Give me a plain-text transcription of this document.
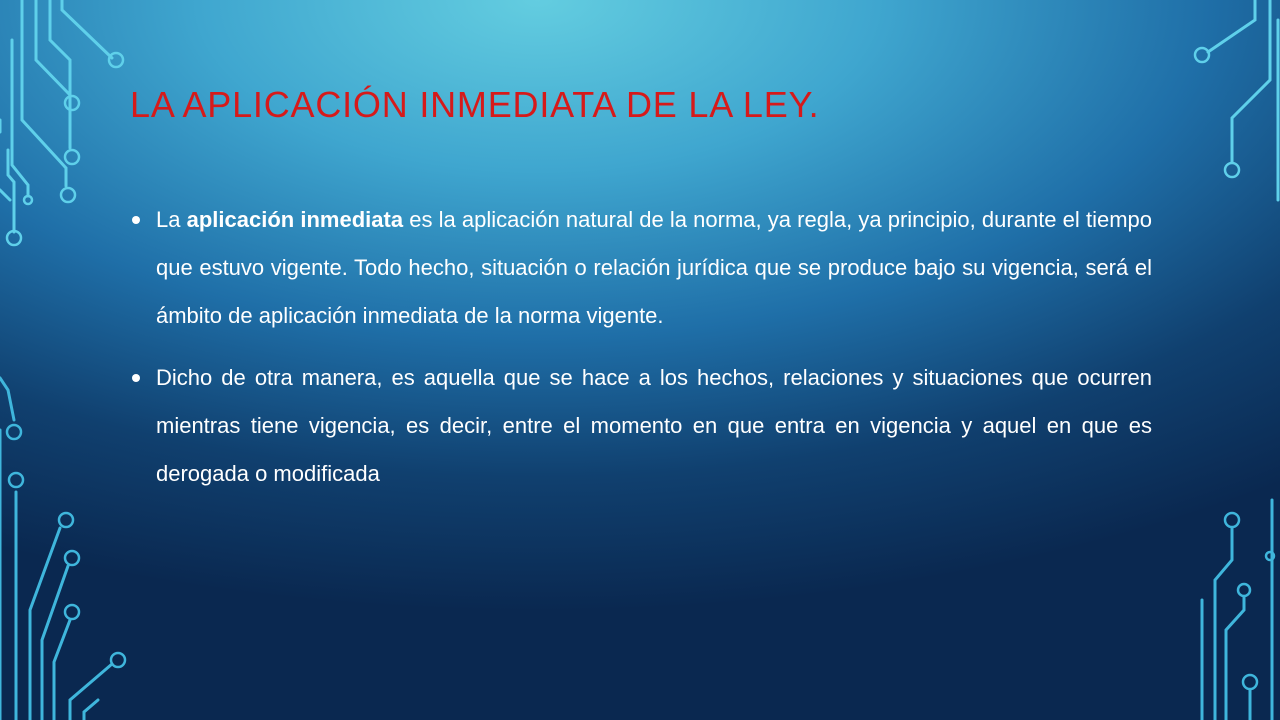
LA APLICACIÓN INMEDIATA DE LA LEY.
La aplicación inmediata es la aplicación natural de la norma, ya regla, ya principio, durante el tiempo que estuvo vigente. Todo hecho, situación o relación jurídica que se produce bajo su vigencia, será el ámbito de aplicación inmediata de la norma vigente.
Dicho de otra manera, es aquella que se hace a los hechos, relaciones y situaciones que ocurren mientras tiene vigencia, es decir, entre el momento en que entra en vigencia y aquel en que es derogada o modificada
